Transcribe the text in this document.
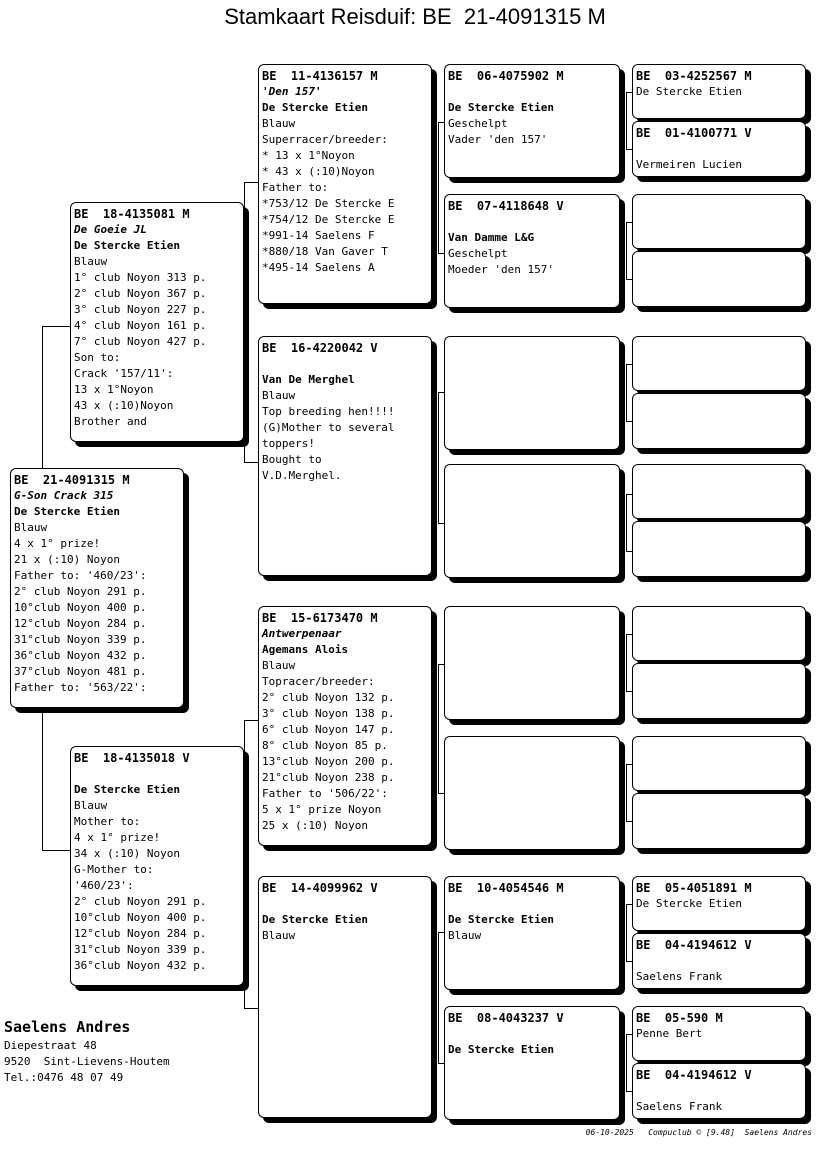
Stamkaart Reisduif: BE  21-4091315 M
BE  21-4091315 M
G-Son Crack 315
De Stercke Etien
Blauw
4 x 1° prize!
21 x (:10) Noyon
Father to: '460/23':
2° club Noyon 291 p.
10°club Noyon 400 p.
12°club Noyon 284 p.
31°club Noyon 339 p.
36°club Noyon 432 p.
37°club Noyon 481 p.
Father to: '563/22':
BE  18-4135081 M
De Goeie JL
De Stercke Etien
Blauw
1° club Noyon 313 p.
2° club Noyon 367 p.
3° club Noyon 227 p.
4° club Noyon 161 p.
7° club Noyon 427 p.
Son to:
Crack '157/11':
13 x 1°Noyon
43 x (:10)Noyon
Brother and
BE  18-4135018 V
De Stercke Etien
Blauw
Mother to:
4 x 1° prize!
34 x (:10) Noyon
G-Mother to:
'460/23':
2° club Noyon 291 p.
10°club Noyon 400 p.
12°club Noyon 284 p.
31°club Noyon 339 p.
36°club Noyon 432 p.
BE  11-4136157 M
'Den 157'
De Stercke Etien
Blauw
Superracer/breeder:
* 13 x 1°Noyon
* 43 x (:10)Noyon
Father to:
*753/12 De Stercke E
*754/12 De Stercke E
*991-14 Saelens F
*880/18 Van Gaver T
*495-14 Saelens A
BE  16-4220042 V
Van De Merghel
Blauw
Top breeding hen!!!!
(G)Mother to several
toppers!
Bought to
V.D.Merghel.
BE  15-6173470 M
Antwerpenaar
Agemans Alois
Blauw
Topracer/breeder:
2° club Noyon 132 p.
3° club Noyon 138 p.
6° club Noyon 147 p.
8° club Noyon 85 p.
13°club Noyon 200 p.
21°club Noyon 238 p.
Father to '506/22':
5 x 1° prize Noyon
25 x (:10) Noyon
BE  14-4099962 V
De Stercke Etien
Blauw
BE  06-4075902 M
De Stercke Etien
Geschelpt
Vader 'den 157'
BE  07-4118648 V
Van Damme L&G
Geschelpt
Moeder 'den 157'
BE  10-4054546 M
De Stercke Etien
Blauw
BE  08-4043237 V
De Stercke Etien
BE  03-4252567 M
De Stercke Etien
BE  01-4100771 V
Vermeiren Lucien
BE  05-4051891 M
De Stercke Etien
BE  04-4194612 V
Saelens Frank
BE  05-590 M
Penne Bert
BE  04-4194612 V
Saelens Frank
Saelens Andres
Diepestraat 48
9520  Sint-Lievens-Houtem
Tel.:0476 48 07 49
06-10-2025   Compuclub © [9.48]  Saelens Andres
